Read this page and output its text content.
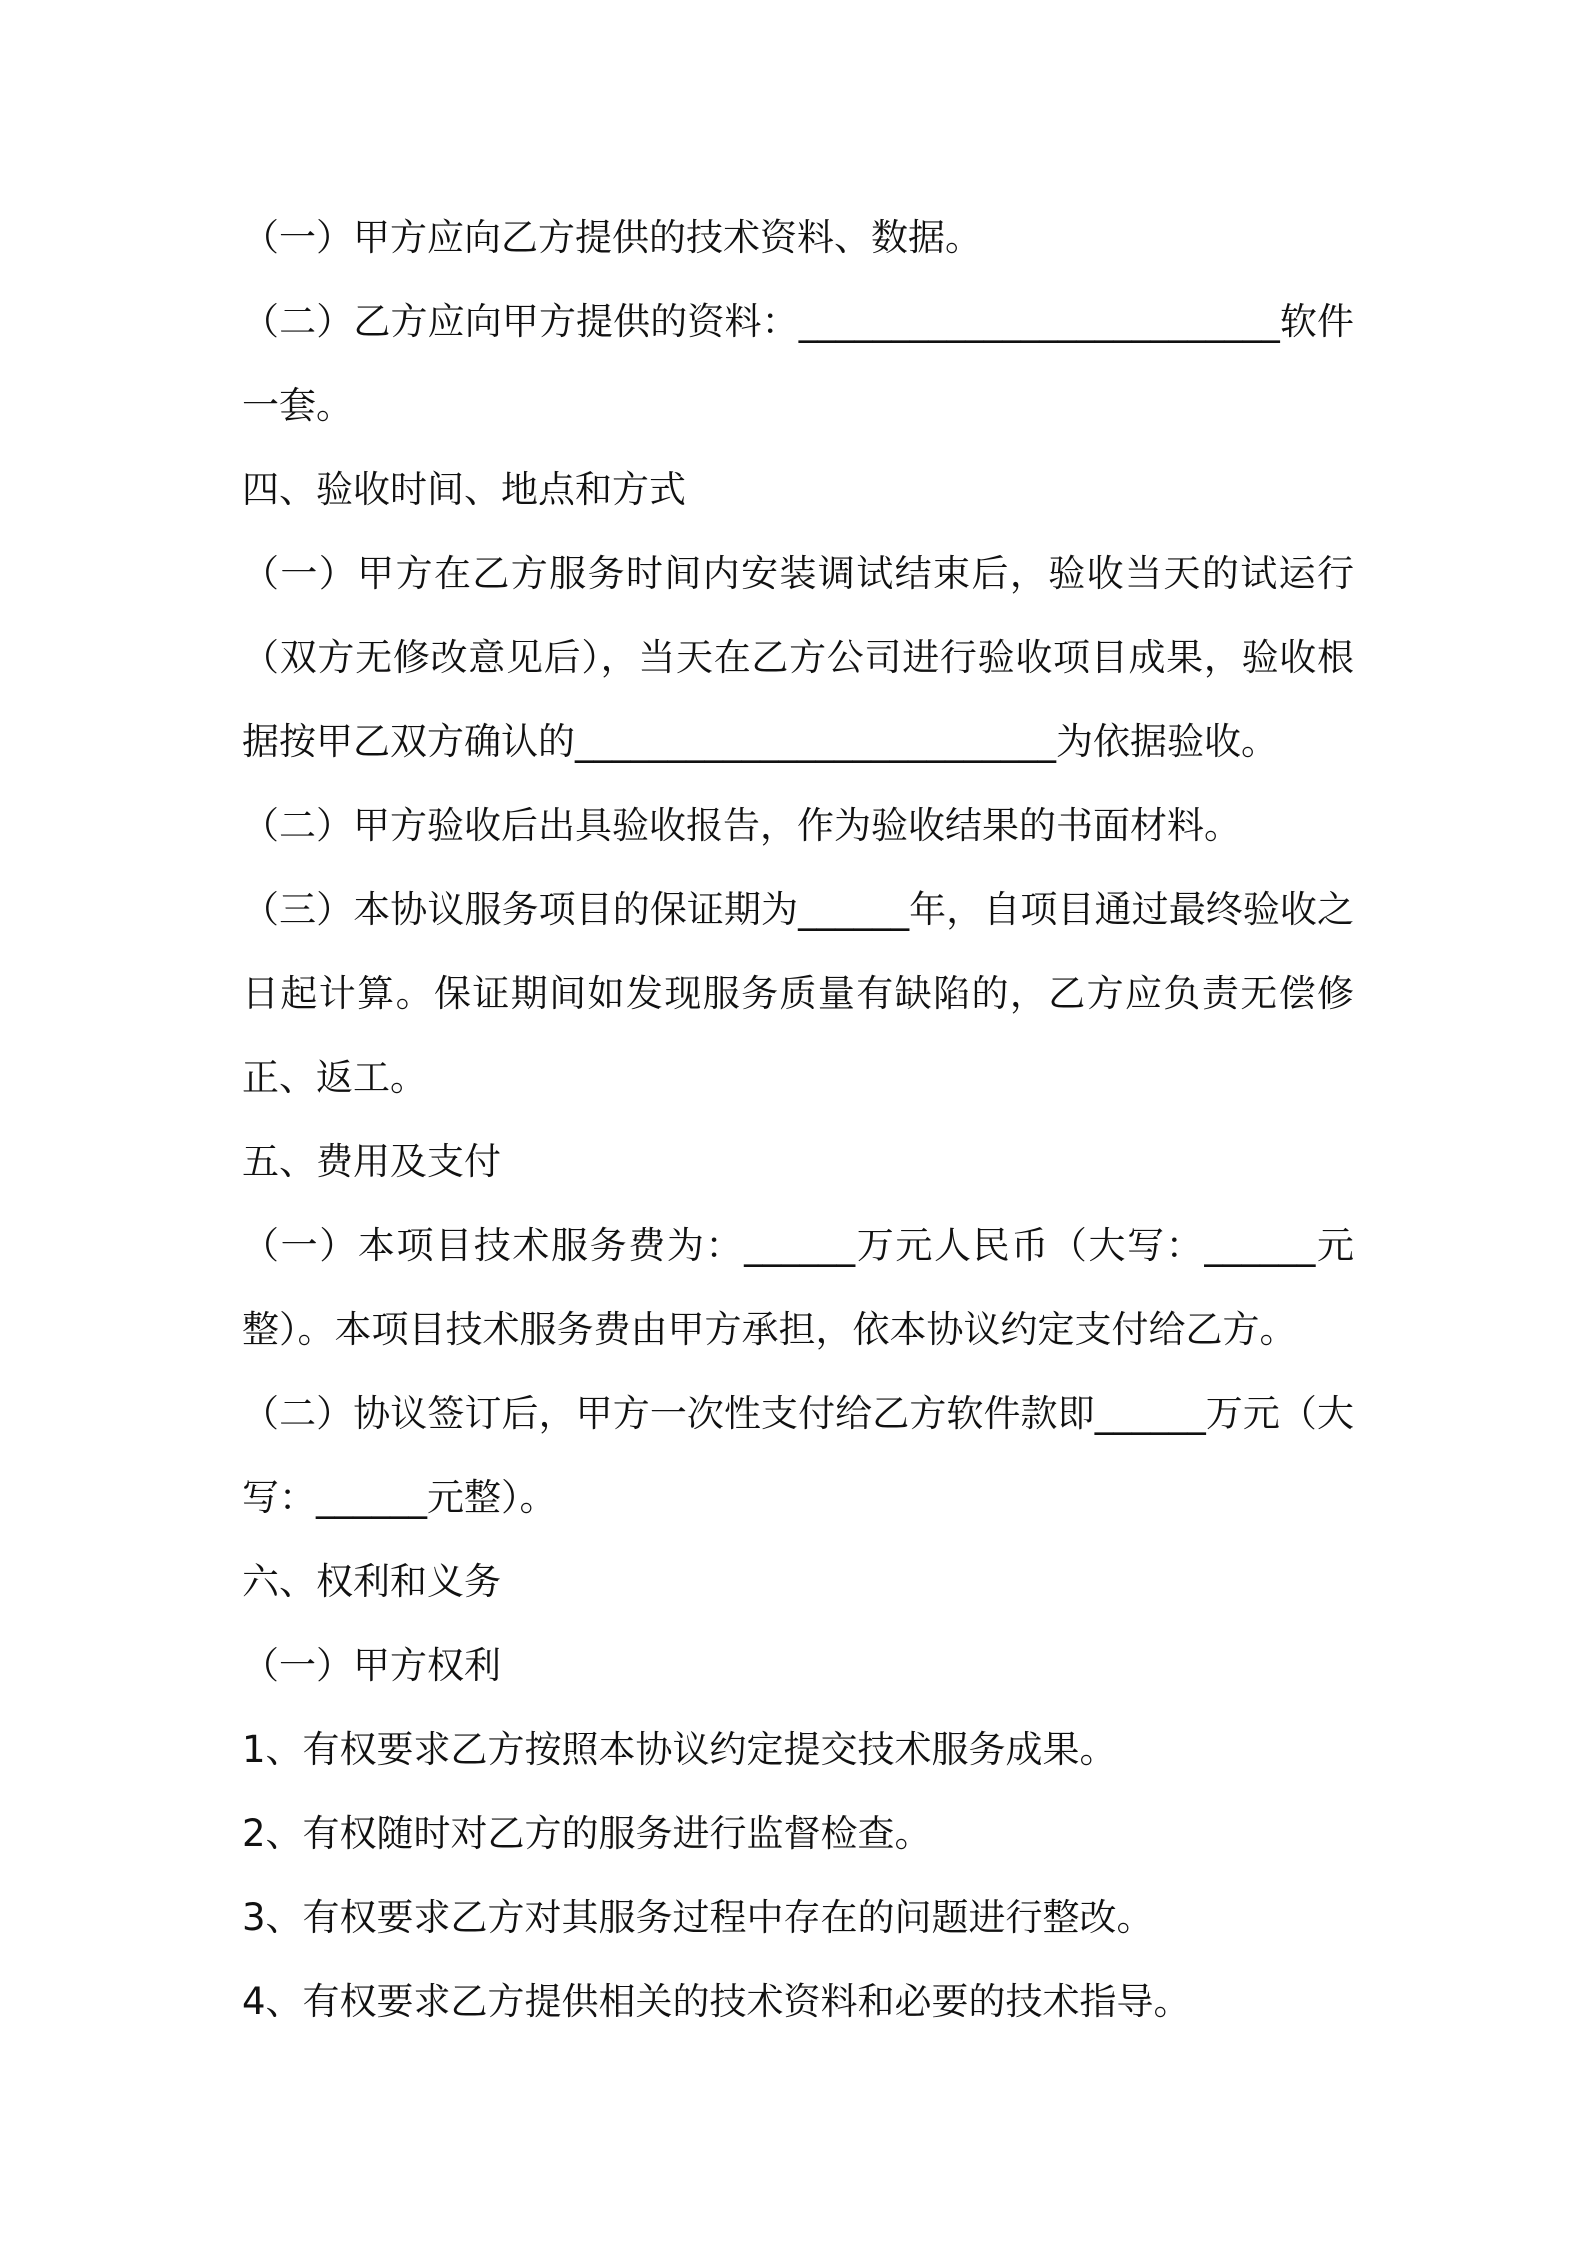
（一）甲方应向乙方提供的技术资料、数据。

（二）乙方应向甲方提供的资料：__________________________软件一套。

四、验收时间、地点和方式

（一）甲方在乙方服务时间内安装调试结束后，验收当天的试运行（双方无修改意见后），当天在乙方公司进行验收项目成果，验收根据按甲乙双方确认的__________________________为依据验收。

（二）甲方验收后出具验收报告，作为验收结果的书面材料。

（三）本协议服务项目的保证期为______年，自项目通过最终验收之日起计算。保证期间如发现服务质量有缺陷的，乙方应负责无偿修正、返工。

五、费用及支付

（一）本项目技术服务费为：______万元人民币（大写：______元整）。本项目技术服务费由甲方承担，依本协议约定支付给乙方。

（二）协议签订后，甲方一次性支付给乙方软件款即______万元（大写：______元整）。

六、权利和义务

（一）甲方权利

1、有权要求乙方按照本协议约定提交技术服务成果。

2、有权随时对乙方的服务进行监督检查。

3、有权要求乙方对其服务过程中存在的问题进行整改。

4、有权要求乙方提供相关的技术资料和必要的技术指导。
